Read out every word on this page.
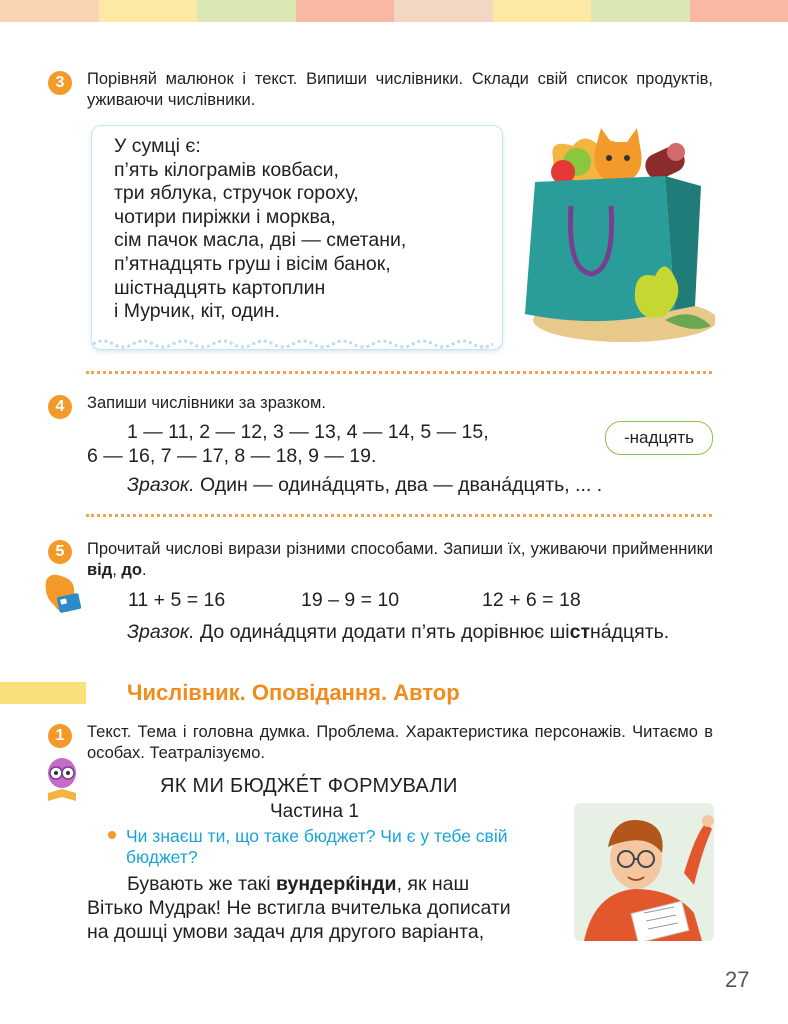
3	Порівняй малюнок і текст. Випиши числівники. Склади свій список продуктів, уживаючи числівники.
У сумці є:
п’ять кілограмів ковбаси,
три яблука, стручок гороху,
чотири пиріжки і морква,
сім пачок масла, дві — сметани,
п’ятнадцять груш і вісім банок,
шістнадцять картоплин
і Мурчик, кіт, один.
4	Запиши числівники за зразком.
1 — 11, 2 — 12, 3 — 13, 4 — 14, 5 — 15,
6 — 16, 7 — 17, 8 — 18, 9 — 19.
-надцять
Зразок. Один — одина́дцять, два — двана́дцять, ... .
5	Прочитай числові вирази різними способами. Запиши їх, уживаючи прийменники від, до.
11 + 5 = 16	19 – 9 = 10	12 + 6 = 18
Зразок. До одина́дцяти додати п’ять дорівнює шістна́дцять.
Числівник. Оповідання. Автор
1	Текст. Тема і головна думка. Проблема. Характеристика персонажів. Читаємо в особах. Театралізуємо.
ЯК МИ БЮДЖЕ́Т ФОРМУВАЛИ
Частина 1
Чи знаєш ти, що таке бюджет? Чи є у тебе свій бюджет?
Бувають же такі вундерќінди, як наш
Вітько Мудрак! Не встигла вчителька дописати
на дошці умови задач для другого варіанта,
27
